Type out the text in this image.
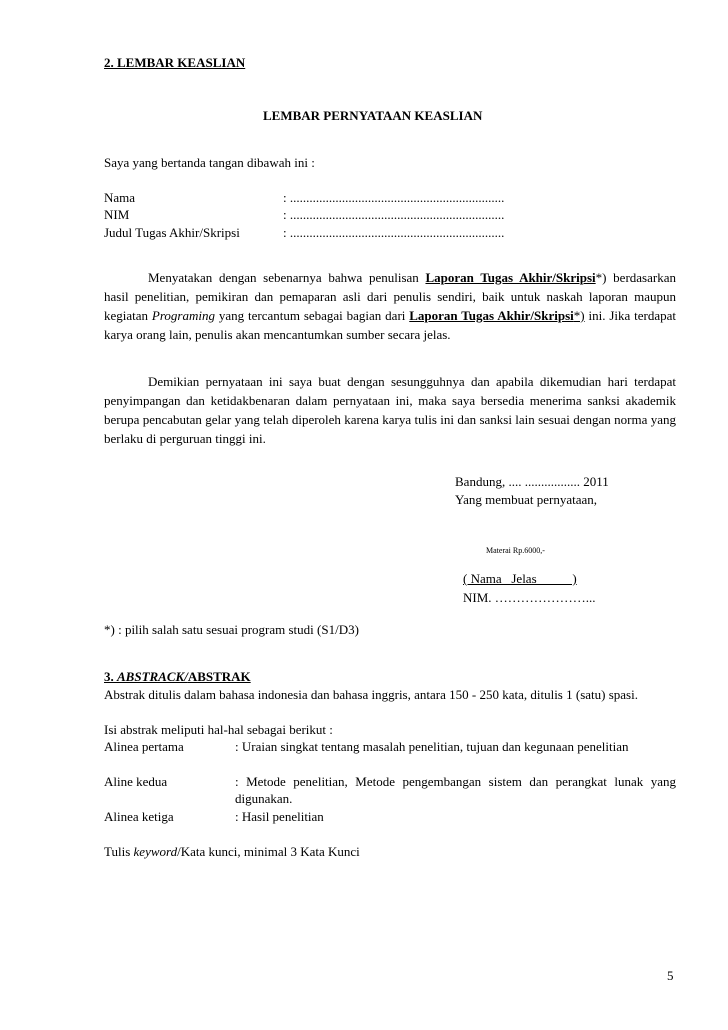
2. LEMBAR KEASLIAN
LEMBAR PERNYATAAN KEASLIAN
Saya yang bertanda tangan dibawah ini :
Nama	: ..................................................................
NIM	: ..................................................................
Judul Tugas Akhir/Skripsi	: ..................................................................
Menyatakan dengan sebenarnya bahwa penulisan Laporan Tugas Akhir/Skripsi*) berdasarkan hasil penelitian, pemikiran dan pemaparan asli dari penulis sendiri, baik untuk naskah laporan maupun kegiatan Programing yang tercantum sebagai bagian dari Laporan Tugas Akhir/Skripsi*) ini. Jika terdapat karya orang lain, penulis akan mencantumkan sumber secara jelas.
Demikian pernyataan ini saya buat dengan sesungguhnya dan apabila dikemudian hari terdapat penyimpangan dan ketidakbenaran dalam pernyataan ini, maka saya bersedia menerima sanksi akademik berupa pencabutan gelar yang telah diperoleh karena karya tulis ini dan sanksi lain sesuai dengan norma yang berlaku di perguruan tinggi ini.
Bandung, .... ................. 2011
Yang membuat pernyataan,
Materai Rp.6000,-
( Nama   Jelas           )
NIM. …………………...
*) : pilih salah satu sesuai program studi (S1/D3)
3. ABSTRACK/ABSTRAK
Abstrak ditulis dalam bahasa indonesia dan bahasa inggris, antara 150 - 250 kata, ditulis 1 (satu) spasi.
Isi abstrak meliputi hal-hal sebagai berikut :
Alinea pertama	: Uraian singkat tentang masalah penelitian, tujuan dan kegunaan penelitian
Aline kedua	: Metode penelitian, Metode pengembangan sistem dan perangkat lunak yang digunakan.
Alinea ketiga	: Hasil penelitian
Tulis keyword/Kata kunci, minimal 3 Kata Kunci
5
